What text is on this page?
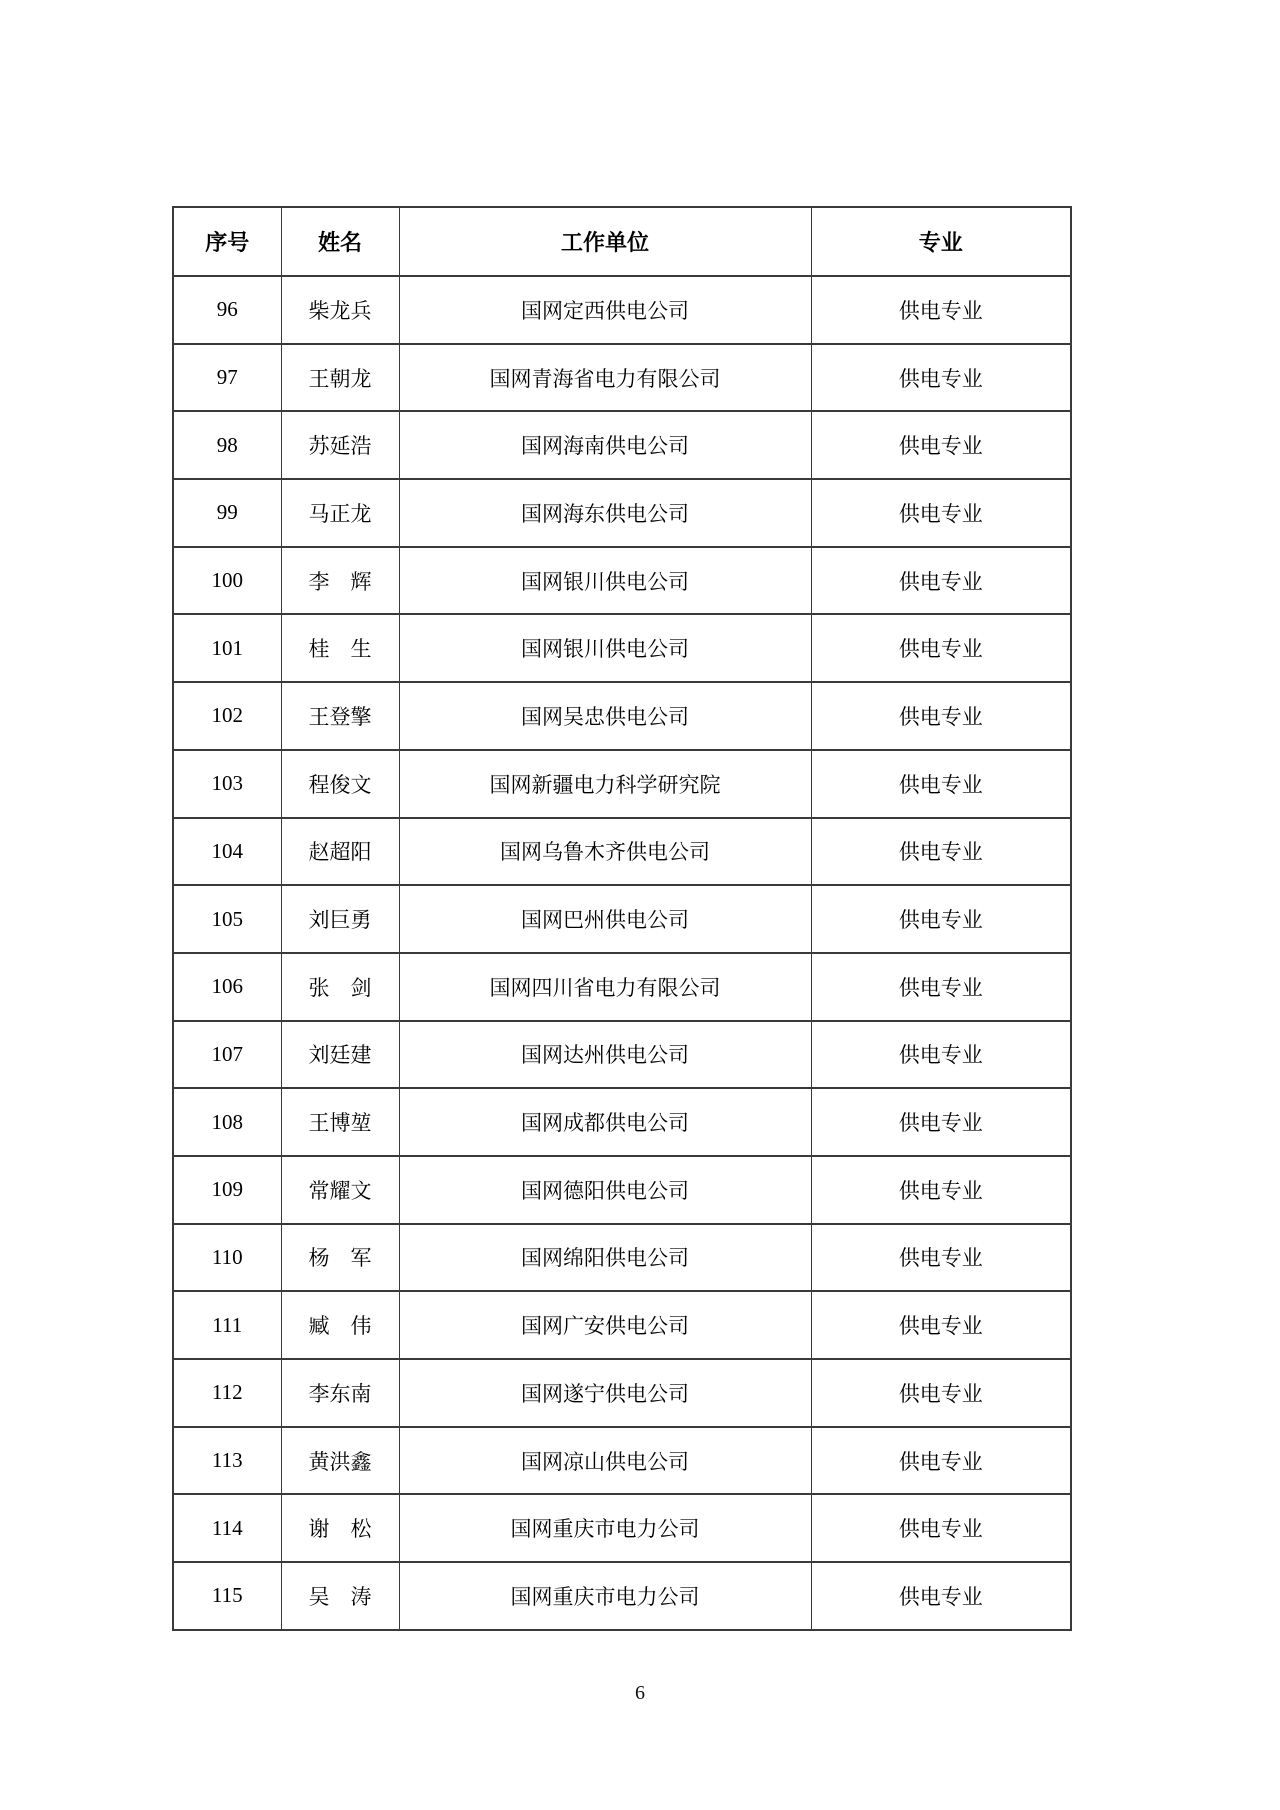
序号	姓名	工作单位	专业
96	柴龙兵	国网定西供电公司	供电专业
97	王朝龙	国网青海省电力有限公司	供电专业
98	苏延浩	国网海南供电公司	供电专业
99	马正龙	国网海东供电公司	供电专业
100	李　辉	国网银川供电公司	供电专业
101	桂　生	国网银川供电公司	供电专业
102	王登擎	国网吴忠供电公司	供电专业
103	程俊文	国网新疆电力科学研究院	供电专业
104	赵超阳	国网乌鲁木齐供电公司	供电专业
105	刘巨勇	国网巴州供电公司	供电专业
106	张　剑	国网四川省电力有限公司	供电专业
107	刘廷建	国网达州供电公司	供电专业
108	王博堃	国网成都供电公司	供电专业
109	常耀文	国网德阳供电公司	供电专业
110	杨　军	国网绵阳供电公司	供电专业
111	臧　伟	国网广安供电公司	供电专业
112	李东南	国网遂宁供电公司	供电专业
113	黄洪鑫	国网凉山供电公司	供电专业
114	谢　松	国网重庆市电力公司	供电专业
115	吴　涛	国网重庆市电力公司	供电专业
6
